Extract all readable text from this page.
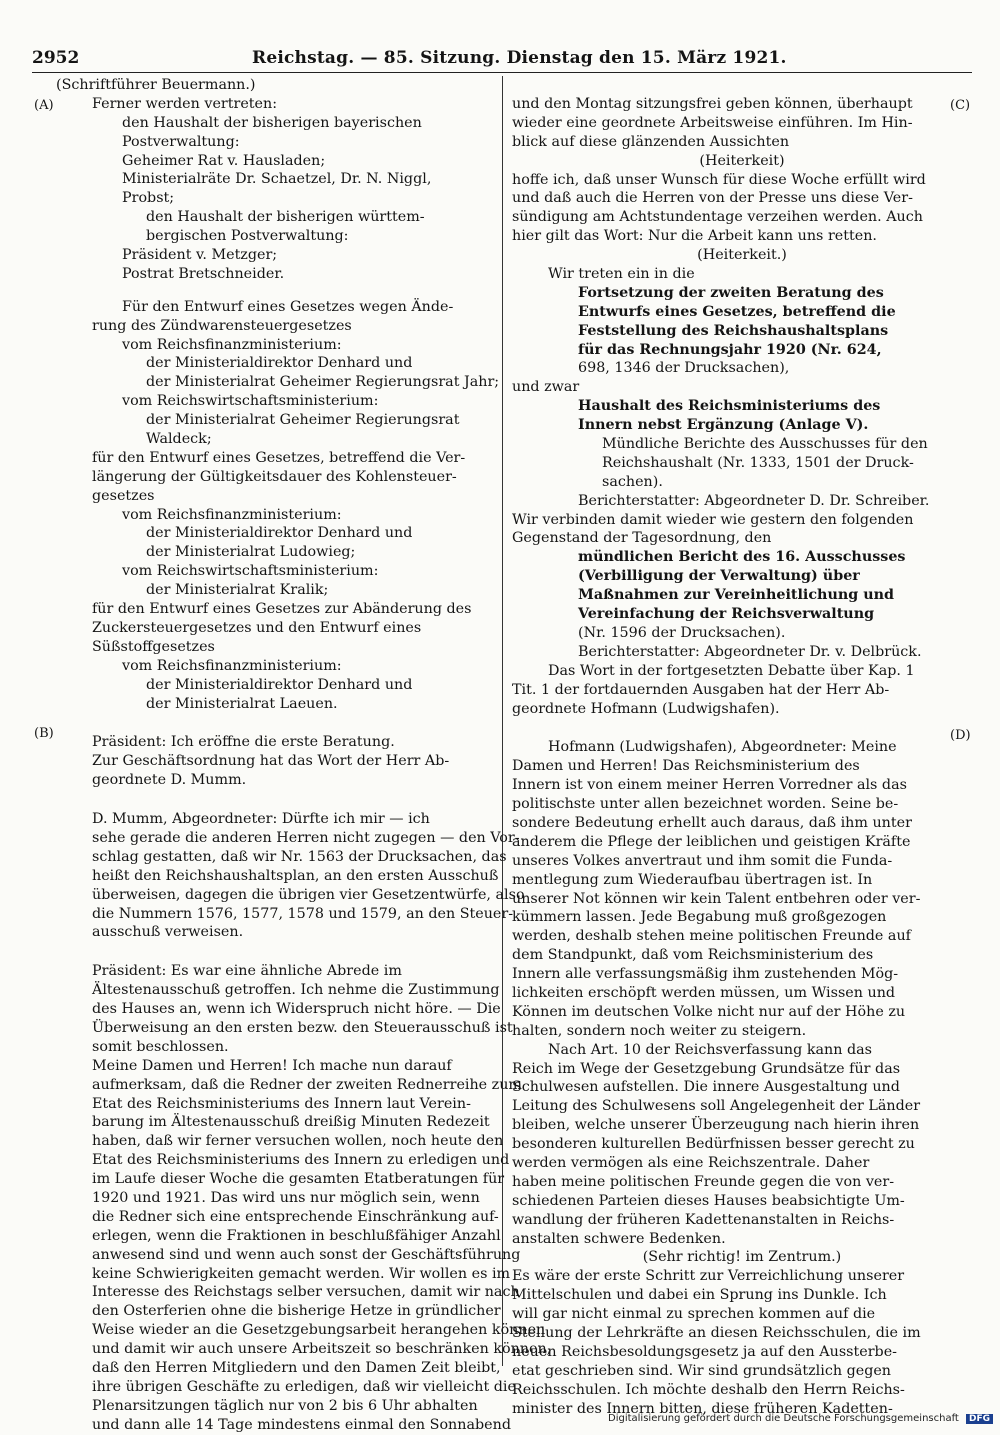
2952	Reichstag. — 85. Sitzung. Dienstag den 15. März 1921.
(A)
(B)
(C)
(D)
(Schriftführer Beuermann.)
Ferner werden vertreten:
den Haushalt der bisherigen bayerischen
Postverwaltung:
Geheimer Rat v. Hausladen;
Ministerialräte Dr. Schaetzel, Dr. N. Niggl,
Probst;
den Haushalt der bisherigen württem-
bergischen Postverwaltung:
Präsident v. Metzger;
Postrat Bretschneider.
Für den Entwurf eines Gesetzes wegen Ände-
rung des Zündwarensteuergesetzes
vom Reichsfinanzministerium:
der Ministerialdirektor Denhard und
der Ministerialrat Geheimer Regierungsrat Jahr;
vom Reichswirtschaftsministerium:
der Ministerialrat Geheimer Regierungsrat
Waldeck;
für den Entwurf eines Gesetzes, betreffend die Ver-
längerung der Gültigkeitsdauer des Kohlensteuer-
gesetzes
vom Reichsfinanzministerium:
der Ministerialdirektor Denhard und
der Ministerialrat Ludowieg;
vom Reichswirtschaftsministerium:
der Ministerialrat Kralik;
für den Entwurf eines Gesetzes zur Abänderung des
Zuckersteuergesetzes und den Entwurf eines
Süßstoffgesetzes
vom Reichsfinanzministerium:
der Ministerialdirektor Denhard und
der Ministerialrat Laeuen.
Präsident: Ich eröffne die erste Beratung.
Zur Geschäftsordnung hat das Wort der Herr Ab-
geordnete D. Mumm.
D. Mumm, Abgeordneter: Dürfte ich mir — ich
sehe gerade die anderen Herren nicht zugegen — den Vor-
schlag gestatten, daß wir Nr. 1563 der Drucksachen, das
heißt den Reichshaushaltsplan, an den ersten Ausschuß
überweisen, dagegen die übrigen vier Gesetzentwürfe, also
die Nummern 1576, 1577, 1578 und 1579, an den Steuer-
ausschuß verweisen.
Präsident: Es war eine ähnliche Abrede im
Ältestenausschuß getroffen. Ich nehme die Zustimmung
des Hauses an, wenn ich Widerspruch nicht höre. — Die
Überweisung an den ersten bezw. den Steuerausschuß ist
somit beschlossen.
Meine Damen und Herren! Ich mache nun darauf
aufmerksam, daß die Redner der zweiten Rednerreihe zum
Etat des Reichsministeriums des Innern laut Verein-
barung im Ältestenausschuß dreißig Minuten Redezeit
haben, daß wir ferner versuchen wollen, noch heute den
Etat des Reichsministeriums des Innern zu erledigen und
im Laufe dieser Woche die gesamten Etatberatungen für
1920 und 1921. Das wird uns nur möglich sein, wenn
die Redner sich eine entsprechende Einschränkung auf-
erlegen, wenn die Fraktionen in beschlußfähiger Anzahl
anwesend sind und wenn auch sonst der Geschäftsführung
keine Schwierigkeiten gemacht werden. Wir wollen es im
Interesse des Reichstags selber versuchen, damit wir nach
den Osterferien ohne die bisherige Hetze in gründlicher
Weise wieder an die Gesetzgebungsarbeit herangehen können
und damit wir auch unsere Arbeitszeit so beschränken können,
daß den Herren Mitgliedern und den Damen Zeit bleibt,
ihre übrigen Geschäfte zu erledigen, daß wir vielleicht die
Plenarsitzungen täglich nur von 2 bis 6 Uhr abhalten
und dann alle 14 Tage mindestens einmal den Sonnabend
und den Montag sitzungsfrei geben können, überhaupt
wieder eine geordnete Arbeitsweise einführen. Im Hin-
blick auf diese glänzenden Aussichten
(Heiterkeit)
hoffe ich, daß unser Wunsch für diese Woche erfüllt wird
und daß auch die Herren von der Presse uns diese Ver-
sündigung am Achtstundentage verzeihen werden. Auch
hier gilt das Wort: Nur die Arbeit kann uns retten.
(Heiterkeit.)
Wir treten ein in die
Fortsetzung der zweiten Beratung des
Entwurfs eines Gesetzes, betreffend die
Feststellung des Reichshaushaltsplans
für das Rechnungsjahr 1920 (Nr. 624,
698, 1346 der Drucksachen),
und zwar
Haushalt des Reichsministeriums des
Innern nebst Ergänzung (Anlage V).
Mündliche Berichte des Ausschusses für den
Reichshaushalt (Nr. 1333, 1501 der Druck-
sachen).
Berichterstatter: Abgeordneter D. Dr. Schreiber.
Wir verbinden damit wieder wie gestern den folgenden
Gegenstand der Tagesordnung, den
mündlichen Bericht des 16. Ausschusses
(Verbilligung der Verwaltung) über
Maßnahmen zur Vereinheitlichung und
Vereinfachung der Reichsverwaltung
(Nr. 1596 der Drucksachen).
Berichterstatter: Abgeordneter Dr. v. Delbrück.
Das Wort in der fortgesetzten Debatte über Kap. 1
Tit. 1 der fortdauernden Ausgaben hat der Herr Ab-
geordnete Hofmann (Ludwigshafen).
Hofmann (Ludwigshafen), Abgeordneter: Meine
Damen und Herren! Das Reichsministerium des
Innern ist von einem meiner Herren Vorredner als das
politischste unter allen bezeichnet worden. Seine be-
sondere Bedeutung erhellt auch daraus, daß ihm unter
anderem die Pflege der leiblichen und geistigen Kräfte
unseres Volkes anvertraut und ihm somit die Funda-
mentlegung zum Wiederaufbau übertragen ist. In
unserer Not können wir kein Talent entbehren oder ver-
kümmern lassen. Jede Begabung muß großgezogen
werden, deshalb stehen meine politischen Freunde auf
dem Standpunkt, daß vom Reichsministerium des
Innern alle verfassungsmäßig ihm zustehenden Mög-
lichkeiten erschöpft werden müssen, um Wissen und
Können im deutschen Volke nicht nur auf der Höhe zu
halten, sondern noch weiter zu steigern.
Nach Art. 10 der Reichsverfassung kann das
Reich im Wege der Gesetzgebung Grundsätze für das
Schulwesen aufstellen. Die innere Ausgestaltung und
Leitung des Schulwesens soll Angelegenheit der Länder
bleiben, welche unserer Überzeugung nach hierin ihren
besonderen kulturellen Bedürfnissen besser gerecht zu
werden vermögen als eine Reichszentrale. Daher
haben meine politischen Freunde gegen die von ver-
schiedenen Parteien dieses Hauses beabsichtigte Um-
wandlung der früheren Kadettenanstalten in Reichs-
anstalten schwere Bedenken.
(Sehr richtig! im Zentrum.)
Es wäre der erste Schritt zur Verreichlichung unserer
Mittelschulen und dabei ein Sprung ins Dunkle. Ich
will gar nicht einmal zu sprechen kommen auf die
Stellung der Lehrkräfte an diesen Reichsschulen, die im
neuen Reichsbesoldungsgesetz ja auf den Aussterbe-
etat geschrieben sind. Wir sind grundsätzlich gegen
Reichsschulen. Ich möchte deshalb den Herrn Reichs-
minister des Innern bitten, diese früheren Kadetten-
Digitalisierung gefördert durch die Deutsche Forschungsgemeinschaft DFG
